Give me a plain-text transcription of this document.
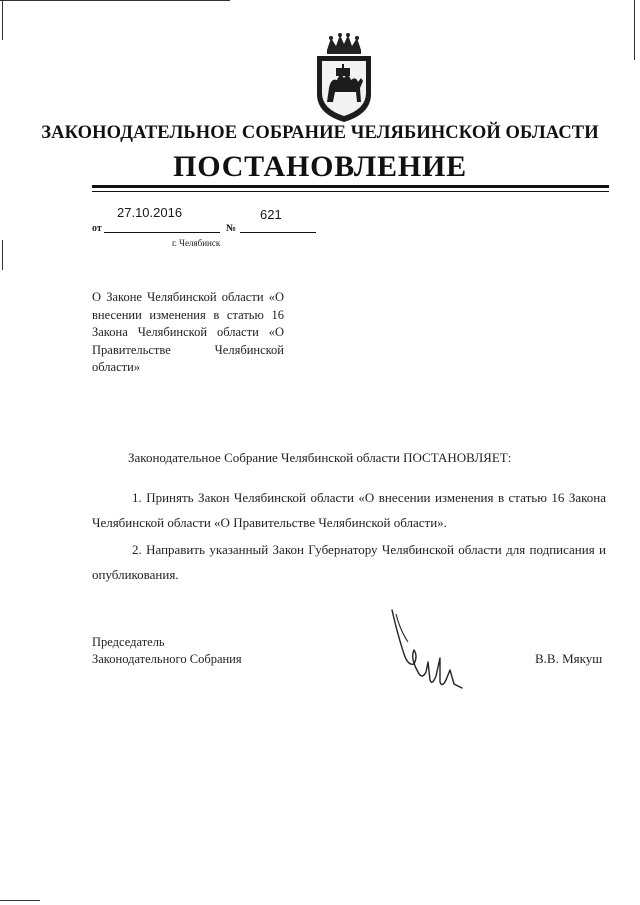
ЗАКОНОДАТЕЛЬНОЕ СОБРАНИЕ ЧЕЛЯБИНСКОЙ ОБЛАСТИ
ПОСТАНОВЛЕНИЕ
27.10.2016	621
от	№
г. Челябинск
О Законе Челябинской области «О внесении изменения в статью 16 Закона Челябинской области «О Правительстве Челябинской области»
Законодательное Собрание Челябинской области ПОСТАНОВЛЯЕТ:
1. Принять Закон Челябинской области «О внесении изменения в статью 16 Закона Челябинской области «О Правительстве Челябинской области».
2. Направить указанный Закон Губернатору Челябинской области для подписания и опубликования.
Председатель
Законодательного Собрания	В.В. Мякуш
